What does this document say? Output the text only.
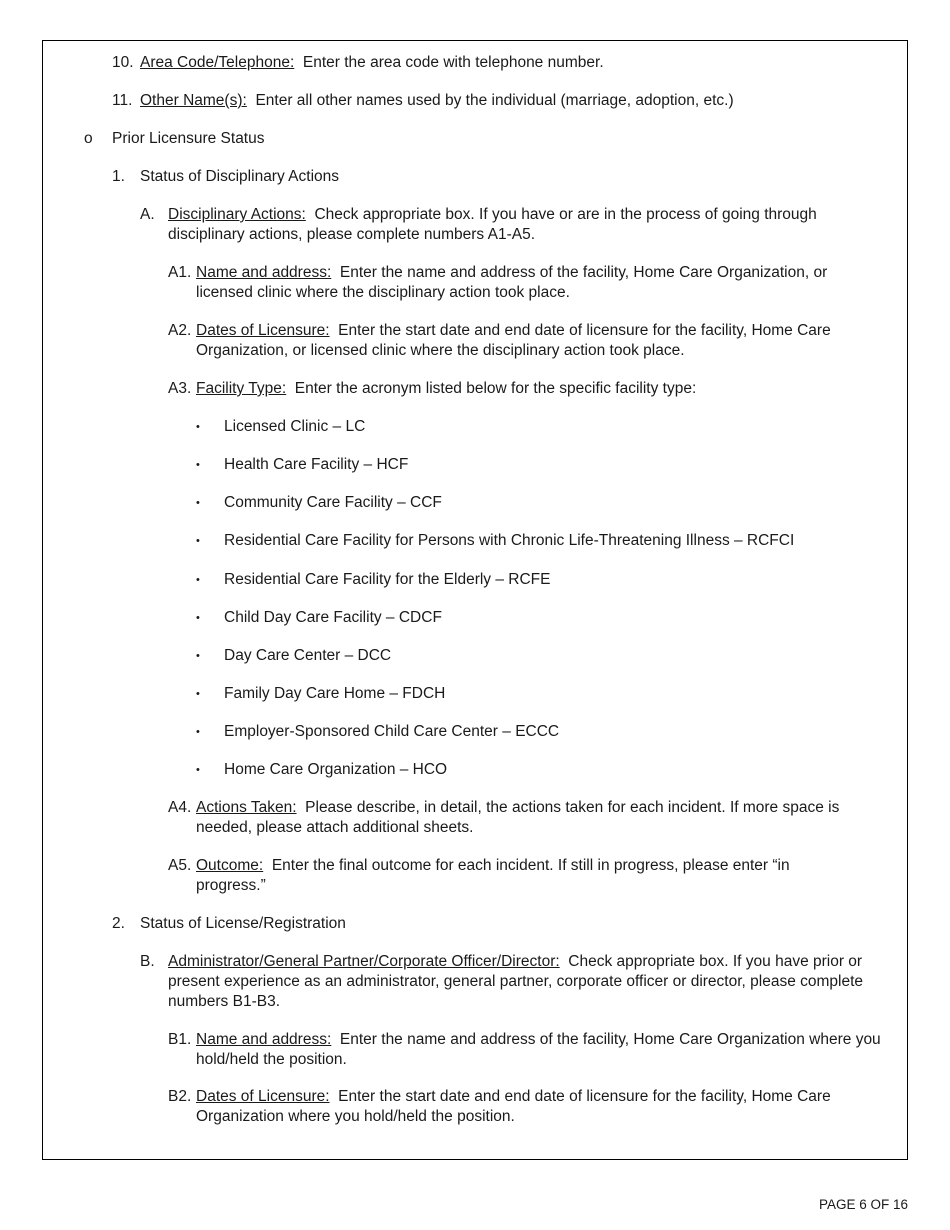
10. Area Code/Telephone: Enter the area code with telephone number.
11. Other Name(s): Enter all other names used by the individual (marriage, adoption, etc.)
o Prior Licensure Status
1. Status of Disciplinary Actions
A. Disciplinary Actions: Check appropriate box. If you have or are in the process of going through disciplinary actions, please complete numbers A1-A5.
A1. Name and address: Enter the name and address of the facility, Home Care Organization, or licensed clinic where the disciplinary action took place.
A2. Dates of Licensure: Enter the start date and end date of licensure for the facility, Home Care Organization, or licensed clinic where the disciplinary action took place.
A3. Facility Type: Enter the acronym listed below for the specific facility type:
• Licensed Clinic – LC
• Health Care Facility – HCF
• Community Care Facility – CCF
• Residential Care Facility for Persons with Chronic Life-Threatening Illness – RCFCI
• Residential Care Facility for the Elderly – RCFE
• Child Day Care Facility – CDCF
• Day Care Center – DCC
• Family Day Care Home – FDCH
• Employer-Sponsored Child Care Center – ECCC
• Home Care Organization – HCO
A4. Actions Taken: Please describe, in detail, the actions taken for each incident. If more space is needed, please attach additional sheets.
A5. Outcome: Enter the final outcome for each incident. If still in progress, please enter “in progress.”
2. Status of License/Registration
B. Administrator/General Partner/Corporate Officer/Director: Check appropriate box. If you have prior or present experience as an administrator, general partner, corporate officer or director, please complete numbers B1-B3.
B1. Name and address: Enter the name and address of the facility, Home Care Organization where you hold/held the position.
B2. Dates of Licensure: Enter the start date and end date of licensure for the facility, Home Care Organization where you hold/held the position.
PAGE 6 OF 16
